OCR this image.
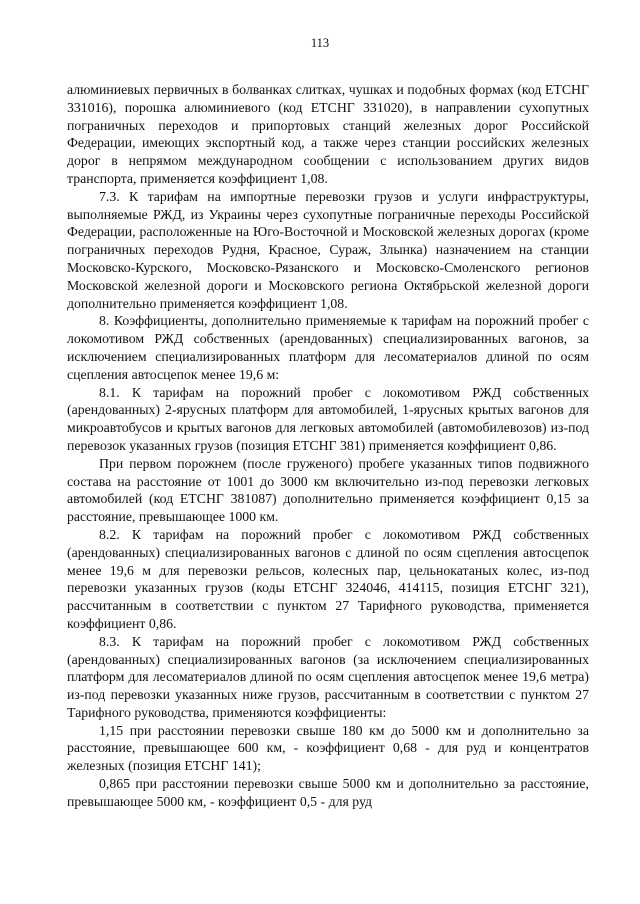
113

алюминиевых первичных в болванках слитках, чушках и подобных формах (код ЕТСНГ 331016), порошка алюминиевого (код ЕТСНГ 331020), в направлении сухопутных пограничных переходов и припортовых станций железных дорог Российской Федерации, имеющих экспортный код, а также через станции российских железных дорог в непрямом международном сообщении с использованием других видов транспорта, применяется коэффициент 1,08.

7.3. К тарифам на импортные перевозки грузов и услуги инфраструктуры, выполняемые РЖД, из Украины через сухопутные пограничные переходы Российской Федерации, расположенные на Юго-Восточной и Московской железных дорогах (кроме пограничных переходов Рудня, Красное, Сураж, Злынка) назначением на станции Московско-Курского, Московско-Рязанского и Московско-Смоленского регионов Московской железной дороги и Московского региона Октябрьской железной дороги дополнительно применяется коэффициент 1,08.

8. Коэффициенты, дополнительно применяемые к тарифам на порожний пробег с локомотивом РЖД собственных (арендованных) специализированных вагонов, за исключением специализированных платформ для лесоматериалов длиной по осям сцепления автосцепок менее 19,6 м:

8.1. К тарифам на порожний пробег с локомотивом РЖД собственных (арендованных) 2-ярусных платформ для автомобилей, 1-ярусных крытых вагонов для микроавтобусов и крытых вагонов для легковых автомобилей (автомобилевозов) из-под перевозок указанных грузов (позиция ЕТСНГ 381) применяется коэффициент 0,86.

При первом порожнем (после груженого) пробеге указанных типов подвижного состава на расстояние от 1001 до 3000 км включительно из-под перевозки легковых автомобилей (код ЕТСНГ 381087) дополнительно применяется коэффициент 0,15 за расстояние, превышающее 1000 км.

8.2. К тарифам на порожний пробег с локомотивом РЖД собственных (арендованных) специализированных вагонов с длиной по осям сцепления автосцепок менее 19,6 м для перевозки рельсов, колесных пар, цельнокатаных колес, из-под перевозки указанных грузов (коды ЕТСНГ 324046, 414115, позиция ЕТСНГ 321), рассчитанным в соответствии с пунктом 27 Тарифного руководства, применяется коэффициент 0,86.

8.3. К тарифам на порожний пробег с локомотивом РЖД собственных (арендованных) специализированных вагонов (за исключением специализированных платформ для лесоматериалов длиной по осям сцепления автосцепок менее 19,6 метра) из-под перевозки указанных ниже грузов, рассчитанным в соответствии с пунктом 27 Тарифного руководства, применяются коэффициенты:

1,15 при расстоянии перевозки свыше 180 км до 5000 км и дополнительно за расстояние, превышающее 600 км, - коэффициент 0,68 - для руд и концентратов железных (позиция ЕТСНГ 141);

0,865 при расстоянии перевозки свыше 5000 км и дополнительно за расстояние, превышающее 5000 км, - коэффициент 0,5 - для руд
